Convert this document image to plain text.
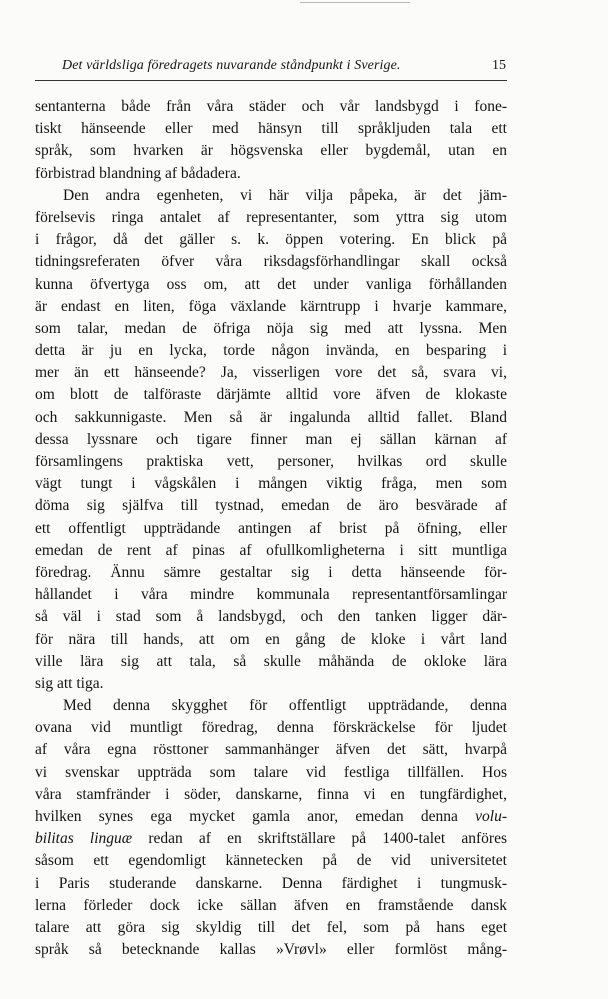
Det världsliga föredragets nuvarande ståndpunkt i Sverige.	15
sentanterna både från våra städer och vår landsbygd i fone-
tiskt hänseende eller med hänsyn till språkljuden tala ett
språk, som hvarken är högsvenska eller bygdemål, utan en
förbistrad blandning af bådadera.
Den andra egenheten, vi här vilja påpeka, är det jäm-
förelsevis ringa antalet af representanter, som yttra sig utom
i frågor, då det gäller s. k. öppen votering. En blick på
tidningsreferaten öfver våra riksdagsförhandlingar skall också
kunna öfvertyga oss om, att det under vanliga förhållanden
är endast en liten, föga växlande kärntrupp i hvarje kammare,
som talar, medan de öfriga nöja sig med att lyssna. Men
detta är ju en lycka, torde någon invända, en besparing i
mer än ett hänseende? Ja, visserligen vore det så, svara vi,
om blott de talföraste därjämte alltid vore äfven de klokaste
och sakkunnigaste. Men så är ingalunda alltid fallet. Bland
dessa lyssnare och tigare finner man ej sällan kärnan af
församlingens praktiska vett, personer, hvilkas ord skulle
vägt tungt i vågskålen i mången viktig fråga, men som
döma sig själfva till tystnad, emedan de äro besvärade af
ett offentligt uppträdande antingen af brist på öfning, eller
emedan de rent af pinas af ofullkomligheterna i sitt muntliga
föredrag. Ännu sämre gestaltar sig i detta hänseende för-
hållandet i våra mindre kommunala representantförsamlingar
så väl i stad som å landsbygd, och den tanken ligger där-
för nära till hands, att om en gång de kloke i vårt land
ville lära sig att tala, så skulle måhända de okloke lära
sig att tiga.
Med denna skygghet för offentligt uppträdande, denna
ovana vid muntligt föredrag, denna förskräckelse för ljudet
af våra egna rösttoner sammanhänger äfven det sätt, hvarpå
vi svenskar uppträda som talare vid festliga tillfällen. Hos
våra stamfränder i söder, danskarne, finna vi en tungfärdighet,
hvilken synes ega mycket gamla anor, emedan denna volu-
bilitas linguæ redan af en skriftställare på 1400-talet anföres
såsom ett egendomligt kännetecken på de vid universitetet
i Paris studerande danskarne. Denna färdighet i tungmusk-
lerna förleder dock icke sällan äfven en framstående dansk
talare att göra sig skyldig till det fel, som på hans eget
språk så betecknande kallas »Vrøvl» eller formlöst mång-
